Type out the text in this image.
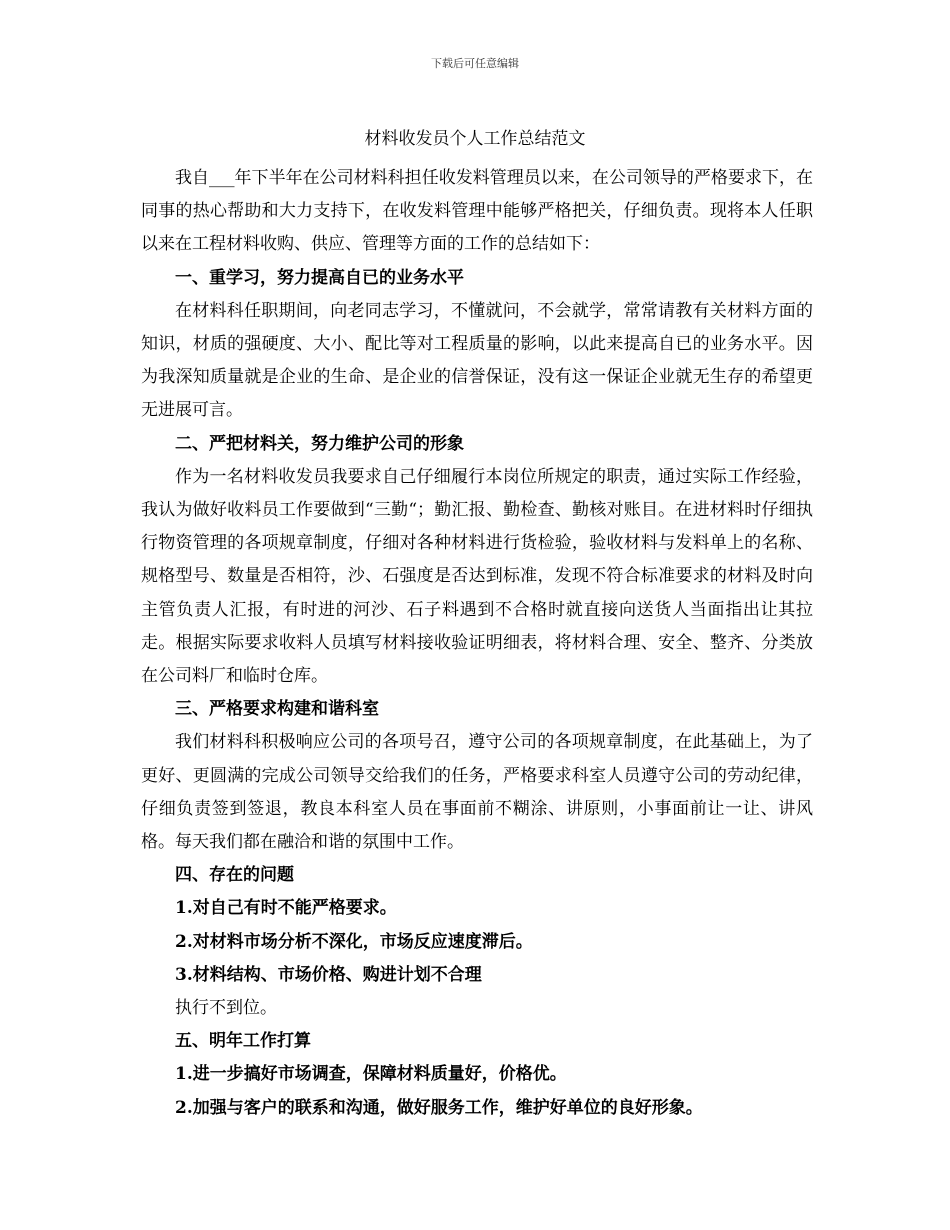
下载后可任意编辑
材料收发员个人工作总结范文

我自___年下半年在公司材料科担任收发料管理员以来，在公司领导的严格要求下，在同事的热心帮助和大力支持下，在收发料管理中能够严格把关，仔细负责。现将本人任职以来在工程材料收购、供应、管理等方面的工作的总结如下：

一、重学习，努力提高自已的业务水平

在材料科任职期间，向老同志学习，不懂就问，不会就学，常常请教有关材料方面的知识，材质的强硬度、大小、配比等对工程质量的影响，以此来提高自已的业务水平。因为我深知质量就是企业的生命、是企业的信誉保证，没有这一保证企业就无生存的希望更无进展可言。

二、严把材料关，努力维护公司的形象

作为一名材料收发员我要求自己仔细履行本岗位所规定的职责，通过实际工作经验，我认为做好收料员工作要做到“三勤“；勤汇报、勤检查、勤核对账目。在进材料时仔细执行物资管理的各项规章制度，仔细对各种材料进行货检验，验收材料与发料单上的名称、规格型号、数量是否相符，沙、石强度是否达到标准，发现不符合标准要求的材料及时向主管负责人汇报，有时进的河沙、石子料遇到不合格时就直接向送货人当面指出让其拉走。根据实际要求收料人员填写材料接收验证明细表，将材料合理、安全、整齐、分类放在公司料厂和临时仓库。

三、严格要求构建和谐科室

我们材料科积极响应公司的各项号召，遵守公司的各项规章制度，在此基础上，为了更好、更圆满的完成公司领导交给我们的任务，严格要求科室人员遵守公司的劳动纪律，仔细负责签到签退，教良本科室人员在事面前不糊涂、讲原则，小事面前让一让、讲风格。每天我们都在融洽和谐的氛围中工作。

四、存在的问题

1.对自己有时不能严格要求。

2.对材料市场分析不深化，市场反应速度滞后。

3.材料结构、市场价格、购进计划不合理

执行不到位。

五、明年工作打算

1.进一步搞好市场调查，保障材料质量好，价格优。

2.加强与客户的联系和沟通，做好服务工作，维护好单位的良好形象。
